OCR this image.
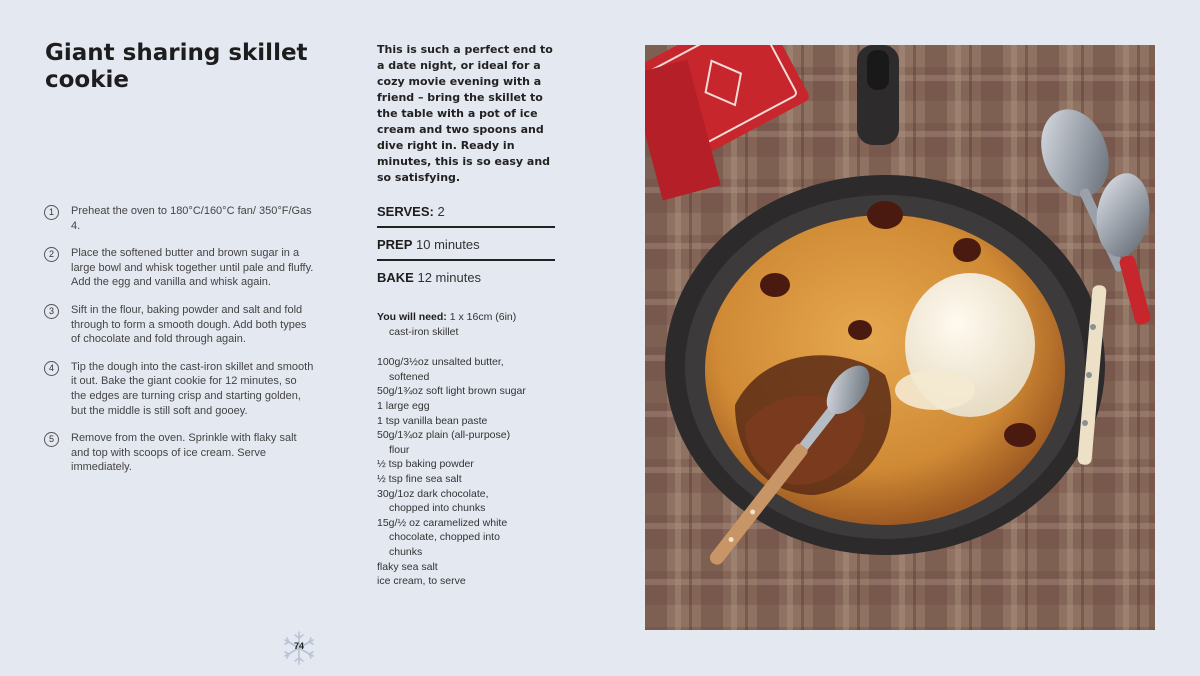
Giant sharing skillet cookie
1	Preheat the oven to 180°C/160°C fan/ 350°F/Gas 4.
2	Place the softened butter and brown sugar in a large bowl and whisk together until pale and fluffy. Add the egg and vanilla and whisk again.
3	Sift in the flour, baking powder and salt and fold through to form a smooth dough. Add both types of chocolate and fold through again.
4	Tip the dough into the cast-iron skillet and smooth it out. Bake the giant cookie for 12 minutes, so the edges are turning crisp and starting golden, but the middle is still soft and gooey.
5	Remove from the oven. Sprinkle with flaky salt and top with scoops of ice cream. Serve immediately.

This is such a perfect end to a date night, or ideal for a cozy movie evening with a friend – bring the skillet to the table with a pot of ice cream and two spoons and dive right in. Ready in minutes, this is so easy and so satisfying.

SERVES: 2
PREP 10 minutes
BAKE 12 minutes
You will need: 1 x 16cm (6in)
cast-iron skillet
100g/3½oz unsalted butter,
softened
50g/1¾oz soft light brown sugar
1 large egg
1 tsp vanilla bean paste
50g/1¾oz plain (all-purpose)
flour
½ tsp baking powder
½ tsp fine sea salt
30g/1oz dark chocolate,
chopped into chunks
15g/½ oz caramelized white
chocolate, chopped into
chunks
flaky sea salt
ice cream, to serve
74
